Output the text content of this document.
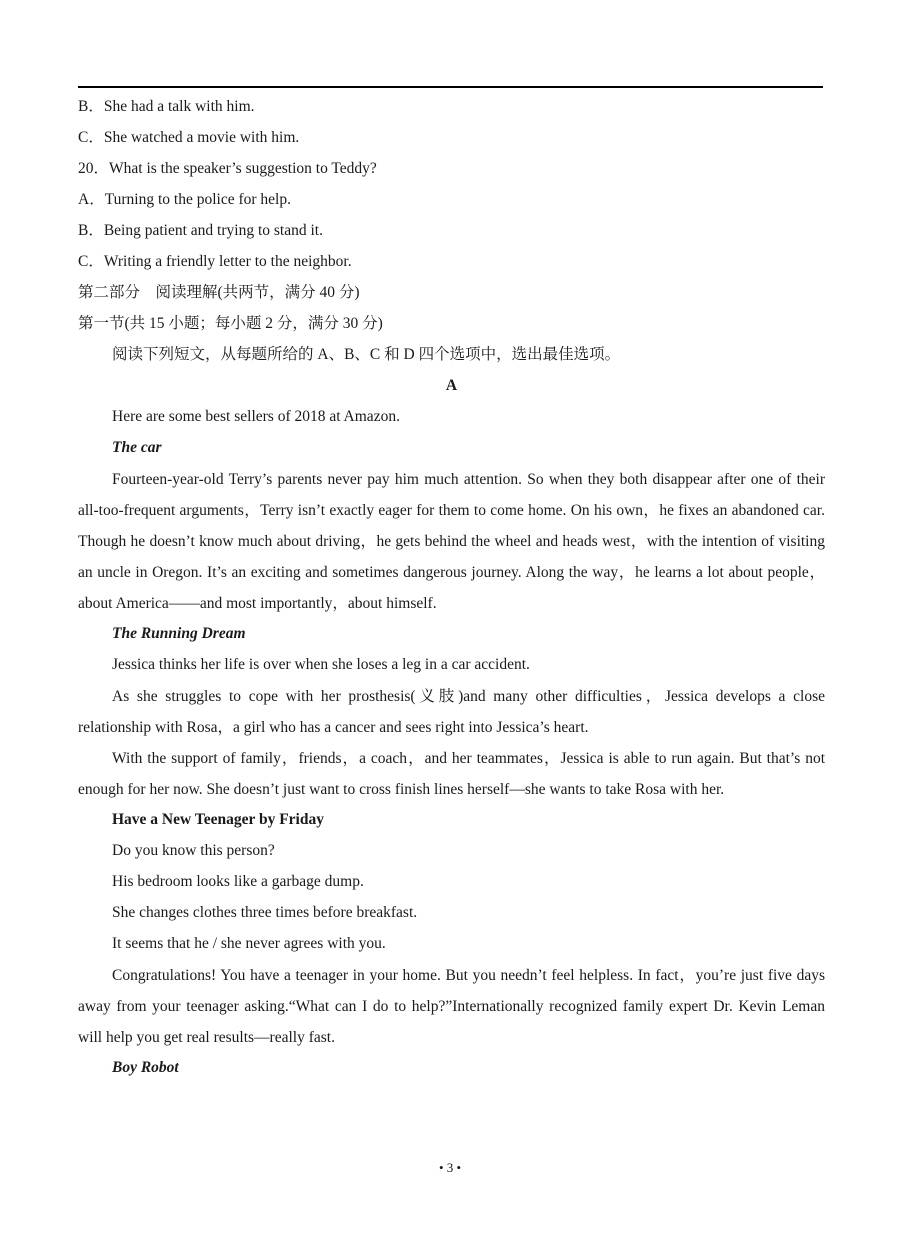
B．She had a talk with him.
C．She watched a movie with him.
20．What is the speaker’s suggestion to Teddy?
A．Turning to the police for help.
B．Being patient and trying to stand it.
C．Writing a friendly letter to the neighbor.
第二部分　阅读理解(共两节，满分 40 分)
第一节(共 15 小题；每小题 2 分，满分 30 分)
阅读下列短文，从每题所给的 A、B、C 和 D 四个选项中，选出最佳选项。
A
Here are some best sellers of 2018 at Amazon.
The car

Fourteen-year-old Terry’s parents never pay him much attention. So when they both disappear after one of their all-too-frequent arguments，Terry isn’t exactly eager for them to come home. On his own，he fixes an abandoned car. Though he doesn’t know much about driving，he gets behind the wheel and heads west，with the intention of visiting an uncle in Oregon. It’s an exciting and sometimes dangerous journey. Along the way，he learns a lot about people，about America——and most importantly，about himself.

The Running Dream
Jessica thinks her life is over when she loses a leg in a car accident.

As she struggles to cope with her prosthesis(义肢)and many other difficulties，Jessica develops a close relationship with Rosa，a girl who has a cancer and sees right into Jessica’s heart.

With the support of family，friends，a coach，and her teammates，Jessica is able to run again. But that’s not enough for her now. She doesn’t just want to cross finish lines herself—she wants to take Rosa with her.

Have a New Teenager by Friday
Do you know this person?
His bedroom looks like a garbage dump.
She changes clothes three times before breakfast.
It seems that he / she never agrees with you.

Congratulations! You have a teenager in your home. But you needn’t feel helpless. In fact，you’re just five days away from your teenager asking.“What can I do to help?”Internationally recognized family expert Dr. Kevin Leman will help you get real results—really fast.

Boy Robot
• 3 •
